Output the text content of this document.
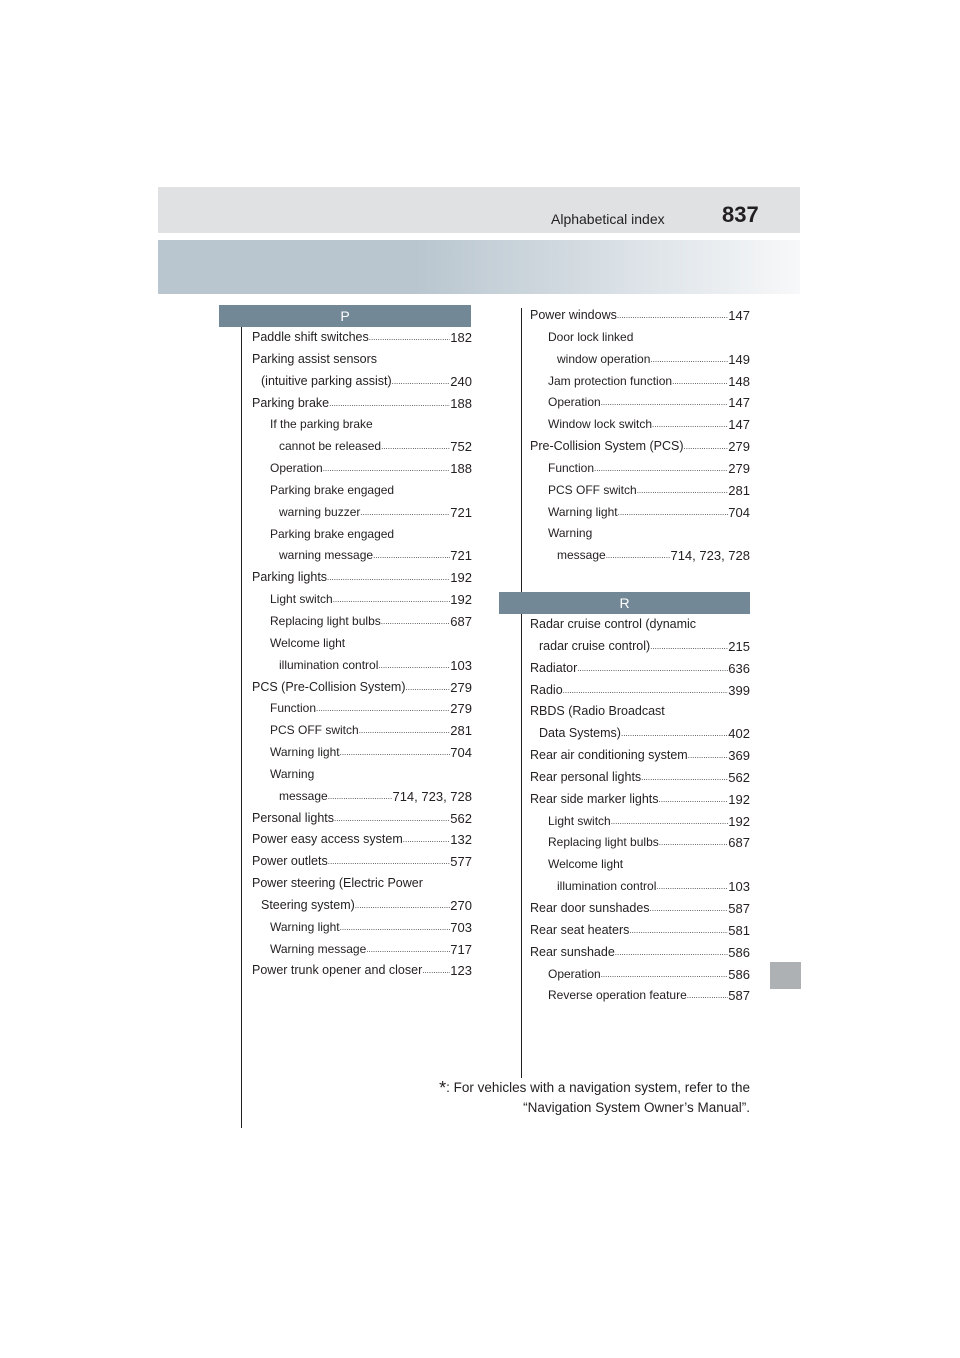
Alphabetical index	837
P
R
Paddle shift switches .....	182
Parking assist sensors
(intuitive parking assist) .....	240
Parking brake .....	188
If the parking brake
cannot be released .....	752
Operation .....	188
Parking brake engaged
warning buzzer .....	721
Parking brake engaged
warning message .....	721
Parking lights .....	192
Light switch .....	192
Replacing light bulbs .....	687
Welcome light
illumination control .....	103
PCS (Pre-Collision System) .....	279
Function .....	279
PCS OFF switch .....	281
Warning light .....	704
Warning
message .....	714, 723, 728
Personal lights .....	562
Power easy access system .....	132
Power outlets .....	577
Power steering (Electric Power
Steering system) .....	270
Warning light .....	703
Warning message .....	717
Power trunk opener and closer ..... 123
Power windows .....	147
Door lock linked
window operation .....	149
Jam protection function .....	148
Operation .....	147
Window lock switch .....	147
Pre-Collision System (PCS) .....	279
Function .....	279
PCS OFF switch .....	281
Warning light .....	704
Warning
message .....	714, 723, 728
Radar cruise control (dynamic
radar cruise control) .....	215
Radiator .....	636
Radio .....	399
RBDS (Radio Broadcast
Data Systems) .....	402
Rear air conditioning system .....	369
Rear personal lights .....	562
Rear side marker lights .....	192
Light switch .....	192
Replacing light bulbs .....	687
Welcome light
illumination control .....	103
Rear door sunshades .....	587
Rear seat heaters .....	581
Rear sunshade .....	586
Operation .....	586
Reverse operation feature .....	587
*: For vehicles with a navigation system, refer to the
“Navigation System Owner’s Manual”.
